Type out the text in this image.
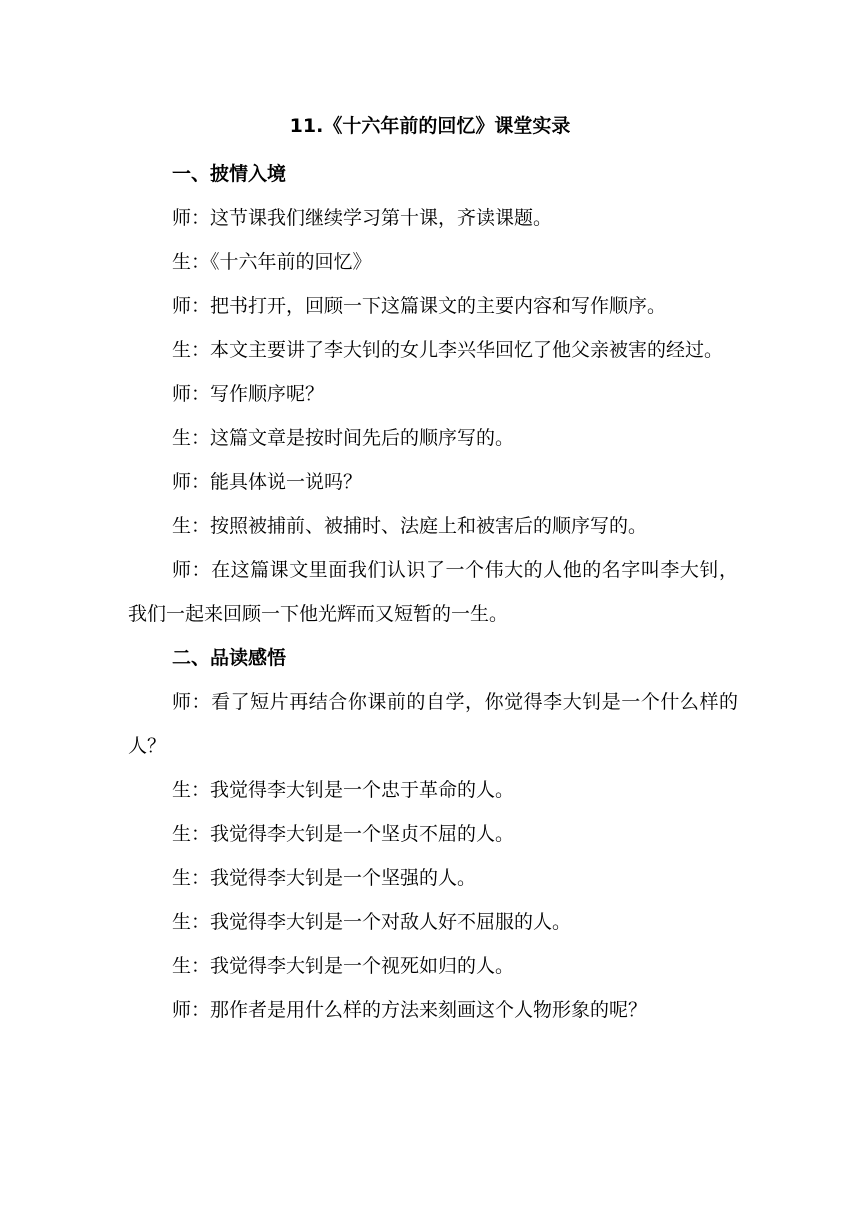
11.《十六年前的回忆》课堂实录

一、披情入境

师：这节课我们继续学习第十课，齐读课题。

生：《十六年前的回忆》

师：把书打开，回顾一下这篇课文的主要内容和写作顺序。

生：本文主要讲了李大钊的女儿李兴华回忆了他父亲被害的经过。

师：写作顺序呢？

生：这篇文章是按时间先后的顺序写的。

师：能具体说一说吗？

生：按照被捕前、被捕时、法庭上和被害后的顺序写的。

师：在这篇课文里面我们认识了一个伟大的人他的名字叫李大钊，我们一起来回顾一下他光辉而又短暂的一生。

二、品读感悟

师：看了短片再结合你课前的自学，你觉得李大钊是一个什么样的人？

生：我觉得李大钊是一个忠于革命的人。

生：我觉得李大钊是一个坚贞不屈的人。

生：我觉得李大钊是一个坚强的人。

生：我觉得李大钊是一个对敌人好不屈服的人。

生：我觉得李大钊是一个视死如归的人。

师：那作者是用什么样的方法来刻画这个人物形象的呢？
